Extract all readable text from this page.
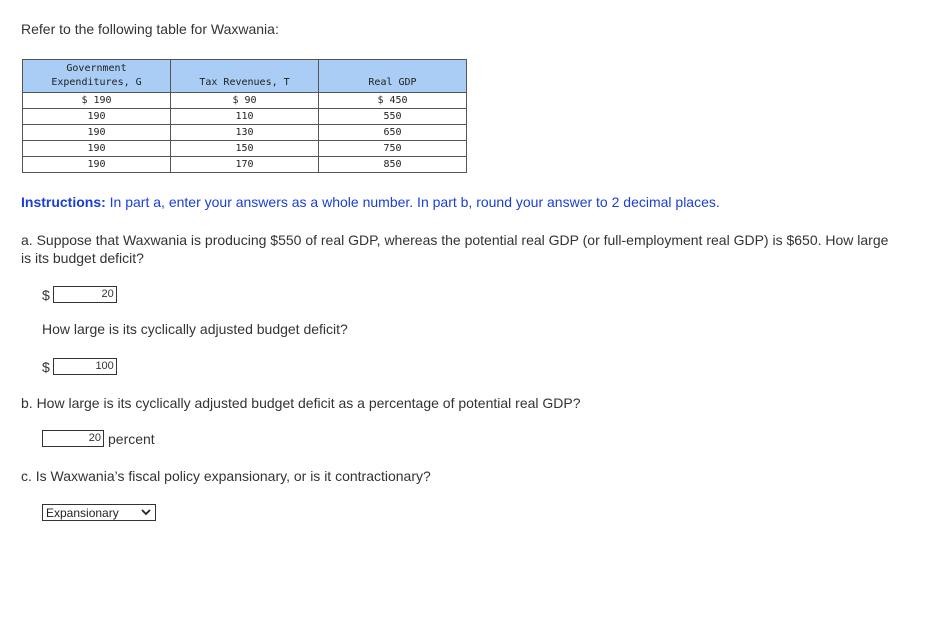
Refer to the following table for Waxwania:
Government
Expenditures, G	Tax Revenues, T	Real GDP
$ 190	$ 90	$ 450
190	110	550
190	130	650
190	150	750
190	170	850
Instructions: In part a, enter your answers as a whole number. In part b, round your answer to 2 decimal places.
a. Suppose that Waxwania is producing $550 of real GDP, whereas the potential real GDP (or full-employment real GDP) is $650. How large is its budget deficit?
$	20
How large is its cyclically adjusted budget deficit?
$	100
b. How large is its cyclically adjusted budget deficit as a percentage of potential real GDP?
20 percent
c. Is Waxwania’s fiscal policy expansionary, or is it contractionary?
Expansionary
